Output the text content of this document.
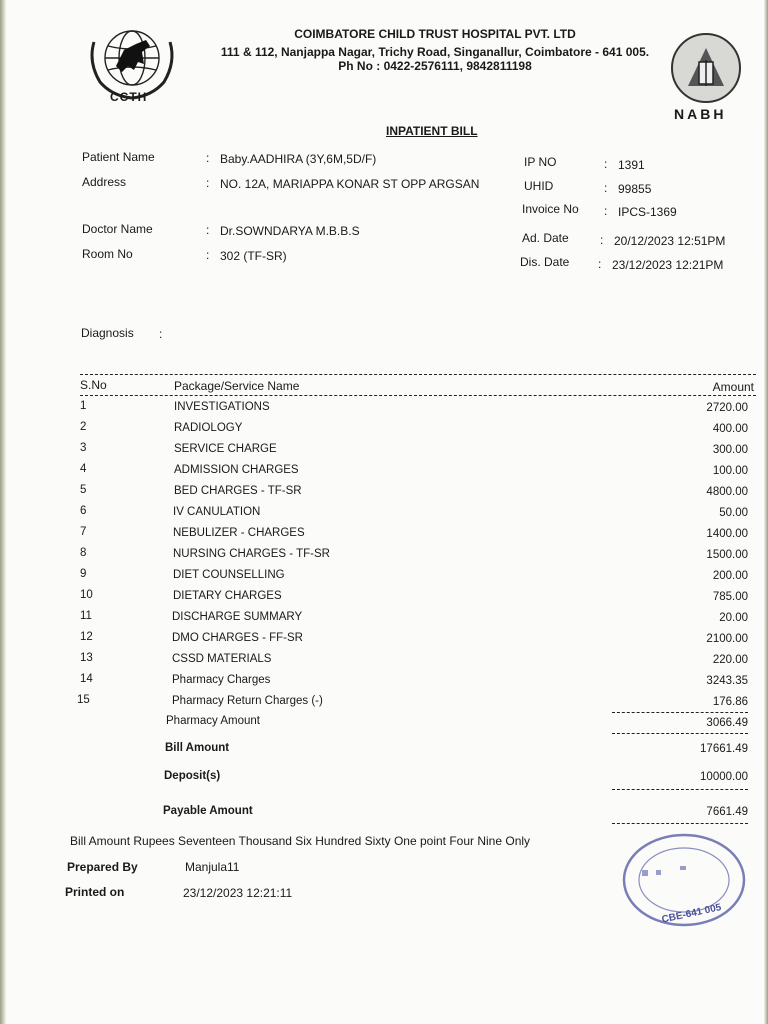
CCTH
COIMBATORE CHILD TRUST HOSPITAL PVT. LTD
111 & 112, Nanjappa Nagar, Trichy Road, Singanallur, Coimbatore - 641 005.
Ph No : 0422-2576111, 9842811198
NABH
INPATIENT BILL
Patient Name	: Baby.AADHIRA (3Y,6M,5D/F)
Address	: NO. 12A, MARIAPPA KONAR ST OPP ARGSAN
Doctor Name	: Dr.SOWNDARYA M.B.B.S
Room No	: 302 (TF-SR)
IP NO	: 1391
UHID	: 99855
Invoice No : IPCS-1369
Ad. Date	: 20/12/2023 12:51PM
Dis. Date : 23/12/2023 12:21PM
Diagnosis :
S.No	Package/Service Name	Amount
1	INVESTIGATIONS	2720.00
2	RADIOLOGY	400.00
3	SERVICE CHARGE	300.00
4	ADMISSION CHARGES	100.00
5	BED CHARGES - TF-SR	4800.00
6	IV CANULATION	50.00
7	NEBULIZER - CHARGES	1400.00
8	NURSING CHARGES - TF-SR	1500.00
9	DIET COUNSELLING	200.00
10	DIETARY CHARGES	785.00
11	DISCHARGE SUMMARY	20.00
12	DMO CHARGES - FF-SR	2100.00
13	CSSD MATERIALS	220.00
14	Pharmacy Charges	3243.35
15	Pharmacy Return Charges (-)	176.86
Pharmacy Amount	3066.49
Bill Amount	17661.49
Deposit(s)	10000.00
Payable Amount	7661.49
Bill Amount Rupees Seventeen Thousand Six Hundred Sixty One point Four Nine Only
Prepared By	Manjula11
Printed on	23/12/2023 12:21:11
CBE-641 005
